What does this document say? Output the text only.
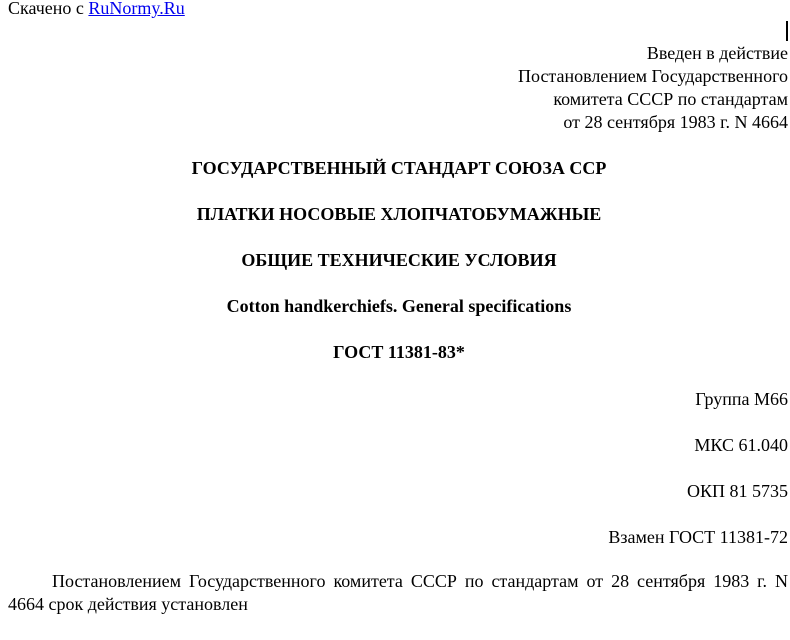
Скачено с RuNormy.Ru
Введен в действие
Постановлением Государственного
комитета СССР по стандартам
от 28 сентября 1983 г. N 4664
ГОСУДАРСТВЕННЫЙ СТАНДАРТ СОЮЗА ССР
ПЛАТКИ НОСОВЫЕ ХЛОПЧАТОБУМАЖНЫЕ
ОБЩИЕ ТЕХНИЧЕСКИЕ УСЛОВИЯ
Cotton handkerchiefs. General specifications
ГОСТ 11381-83*
Группа М66
МКС 61.040
ОКП 81 5735
Взамен ГОСТ 11381-72
Постановлением Государственного комитета СССР по стандартам от 28 сентября 1983 г. N 4664 срок действия установлен
